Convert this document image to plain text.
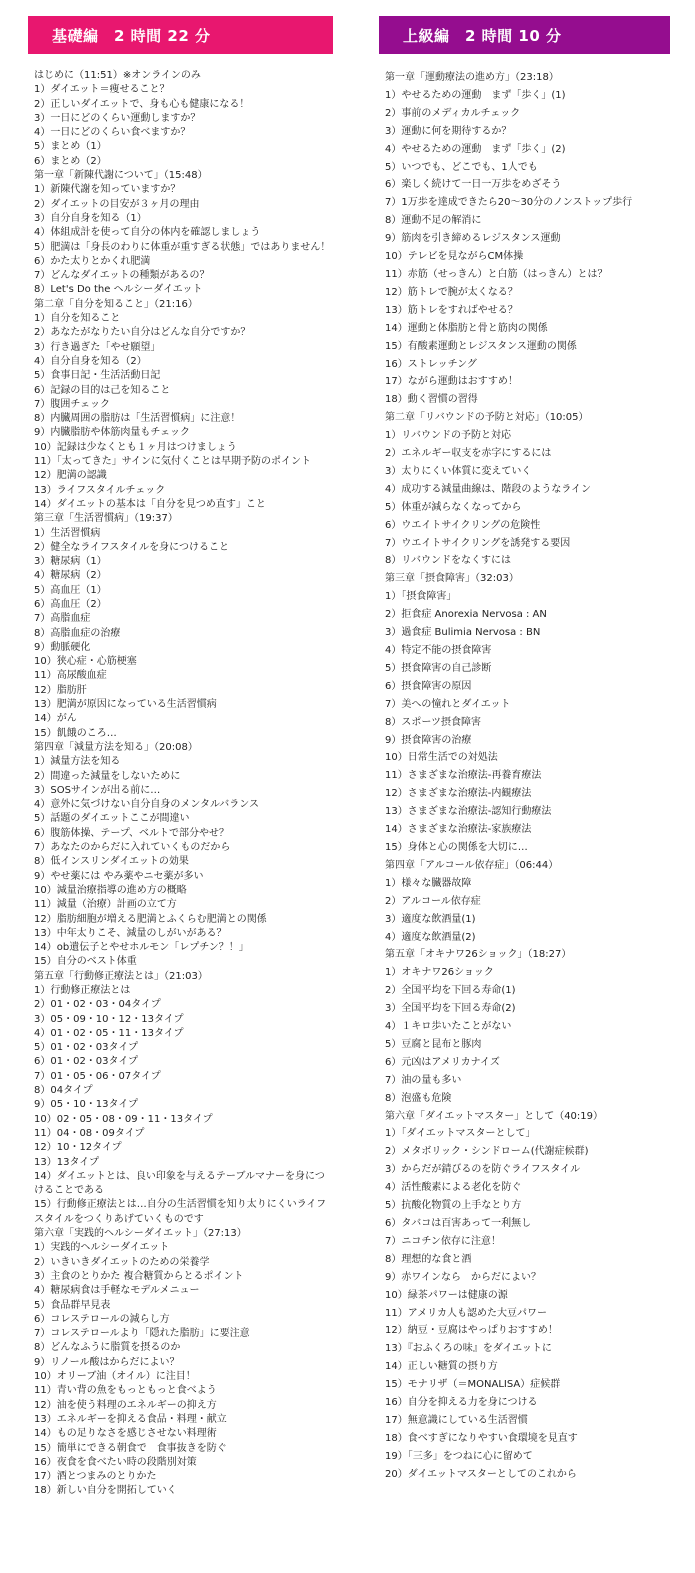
基礎編　2 時間 22 分
はじめに（11:51）※オンラインのみ
1）ダイエット＝痩せること？
2）正しいダイエットで、身も心も健康になる！
3）一日にどのくらい運動しますか？
4）一日にどのくらい食べますか？
5）まとめ（1）
6）まとめ（2）
第一章「新陳代謝について」（15:48）
1）新陳代謝を知っていますか？
2）ダイエットの目安が３ヶ月の理由
3）自分自身を知る（1）
4）体組成計を使って自分の体内を確認しましょう
5）肥満は「身長のわりに体重が重すぎる状態」ではありません！
6）かた太りとかくれ肥満
7）どんなダイエットの種類があるの？
8）Let's Do the ヘルシーダイエット
第二章「自分を知ること」（21:16）
1）自分を知ること
2）あなたがなりたい自分はどんな自分ですか？
3）行き過ぎた「やせ願望」
4）自分自身を知る（2）
5）食事日記・生活活動日記
6）記録の目的は己を知ること
7）腹囲チェック
8）内臓周囲の脂肪は「生活習慣病」に注意！
9）内臓脂肪や体筋肉量もチェック
10）記録は少なくとも１ヶ月はつけましょう
11）「太ってきた」サインに気付くことは早期予防のポイント
12）肥満の認識
13）ライフスタイルチェック
14）ダイエットの基本は「自分を見つめ直す」こと
第三章「生活習慣病」（19:37）
1）生活習慣病
2）健全なライフスタイルを身につけること
3）糖尿病（1）
4）糖尿病（2）
5）高血圧（1）
6）高血圧（2）
7）高脂血症
8）高脂血症の治療
9）動脈硬化
10）狭心症・心筋梗塞
11）高尿酸血症
12）脂肪肝
13）肥満が原因になっている生活習慣病
14）がん
15）飢餓のころ…
第四章「減量方法を知る」（20:08）
1）減量方法を知る
2）間違った減量をしないために
3）SOSサインが出る前に…
4）意外に気づけない自分自身のメンタルバランス
5）話題のダイエットここが間違い
6）腹筋体操、テープ、ベルトで部分やせ？
7）あなたのからだに入れていくものだから
8）低インスリンダイエットの効果
9）やせ薬には やみ薬やニセ薬が多い
10）減量治療指導の進め方の概略
11）減量（治療）計画の立て方
12）脂肪細胞が増える肥満とふくらむ肥満との関係
13）中年太りこそ、減量のしがいがある？
14）ob遺伝子とやせホルモン「レプチン？！」
15）自分のベスト体重
第五章「行動修正療法とは」（21:03）
1）行動修正療法とは
2）01・02・03・04タイプ
3）05・09・10・12・13タイプ
4）01・02・05・11・13タイプ
5）01・02・03タイプ
6）01・02・03タイプ
7）01・05・06・07タイプ
8）04タイプ
9）05・10・13タイプ
10）02・05・08・09・11・13タイプ
11）04・08・09タイプ
12）10・12タイプ
13）13タイプ
14）ダイエットとは、良い印象を与えるテーブルマナーを身につけることである
15）行動修正療法とは…自分の生活習慣を知り太りにくいライフスタイルをつくりあげていくものです
第六章「実践的ヘルシーダイエット」（27:13）
1）実践的ヘルシーダイエット
2）いきいきダイエットのための栄養学
3）主食のとりかた 複合糖質からとるポイント
4）糖尿病食は手軽なモデルメニュー
5）食品群早見表
6）コレステロールの減らし方
7）コレステロールより「隠れた脂肪」に要注意
8）どんなふうに脂質を摂るのか
9）リノール酸はからだによい？
10）オリーブ油（オイル）に注目！
11）青い背の魚をもっともっと食べよう
12）油を使う料理のエネルギーの抑え方
13）エネルギーを抑える食品・料理・献立
14）もの足りなさを感じさせない料理術
15）簡単にできる朝食で　食事抜きを防ぐ
16）夜食を食べたい時の段階別対策
17）酒とつまみのとりかた
18）新しい自分を開拓していく
上級編　2 時間 10 分
第一章「運動療法の進め方」（23:18）
1）やせるための運動　まず「歩く」(1)
2）事前のメディカルチェック
3）運動に何を期待するか？
4）やせるための運動　まず「歩く」(2)
5）いつでも、どこでも、1人でも
6）楽しく続けて一日一万歩をめざそう
7）1万歩を達成できたら20～30分のノンストップ歩行
8）運動不足の解消に
9）筋肉を引き締めるレジスタンス運動
10）テレビを見ながらCM体操
11）赤筋（せっきん）と白筋（はっきん）とは？
12）筋トレで腕が太くなる？
13）筋トレをすればやせる？
14）運動と体脂肪と骨と筋肉の関係
15）有酸素運動とレジスタンス運動の関係
16）ストレッチング
17）ながら運動はおすすめ！
18）動く習慣の習得
第二章「リバウンドの予防と対応」（10:05）
1）リバウンドの予防と対応
2）エネルギー収支を赤字にするには
3）太りにくい体質に変えていく
4）成功する減量曲線は、階段のようなライン
5）体重が減らなくなってから
6）ウエイトサイクリングの危険性
7）ウエイトサイクリングを誘発する要因
8）リバウンドをなくすには
第三章「摂食障害」（32:03）
1）「摂食障害」
2）拒食症 Anorexia Nervosa : AN
3）過食症 Bulimia Nervosa : BN
4）特定不能の摂食障害
5）摂食障害の自己診断
6）摂食障害の原因
7）美への憧れとダイエット
8）スポーツ摂食障害
9）摂食障害の治療
10）日常生活での対処法
11）さまざまな治療法-再養育療法
12）さまざまな治療法-内観療法
13）さまざまな治療法-認知行動療法
14）さまざまな治療法-家族療法
15）身体と心の関係を大切に…
第四章「アルコール依存症」（06:44）
1）様々な臓器故障
2）アルコール依存症
3）適度な飲酒量(1)
4）適度な飲酒量(2)
第五章「オキナワ26ショック」（18:27）
1）オキナワ26ショック
2）全国平均を下回る寿命(1)
3）全国平均を下回る寿命(2)
4）１キロ歩いたことがない
5）豆腐と昆布と豚肉
6）元凶はアメリカナイズ
7）油の量も多い
8）泡盛も危険
第六章「ダイエットマスター」として（40:19）
1）「ダイエットマスターとして」
2）メタボリック・シンドローム(代謝症候群)
3）からだが錆びるのを防ぐライフスタイル
4）活性酸素による老化を防ぐ
5）抗酸化物質の上手なとり方
6）タバコは百害あって一利無し
7）ニコチン依存に注意！
8）理想的な食と酒
9）赤ワインなら　からだによい？
10）緑茶パワーは健康の源
11）アメリカ人も認めた大豆パワー
12）納豆・豆腐はやっぱりおすすめ！
13）『おふくろの味』をダイエットに
14）正しい糖質の摂り方
15）モナリザ（＝MONALISA）症候群
16）自分を抑える力を身につける
17）無意識にしている生活習慣
18）食べすぎになりやすい食環境を見直す
19）「三多」をつねに心に留めて
20）ダイエットマスターとしてのこれから
